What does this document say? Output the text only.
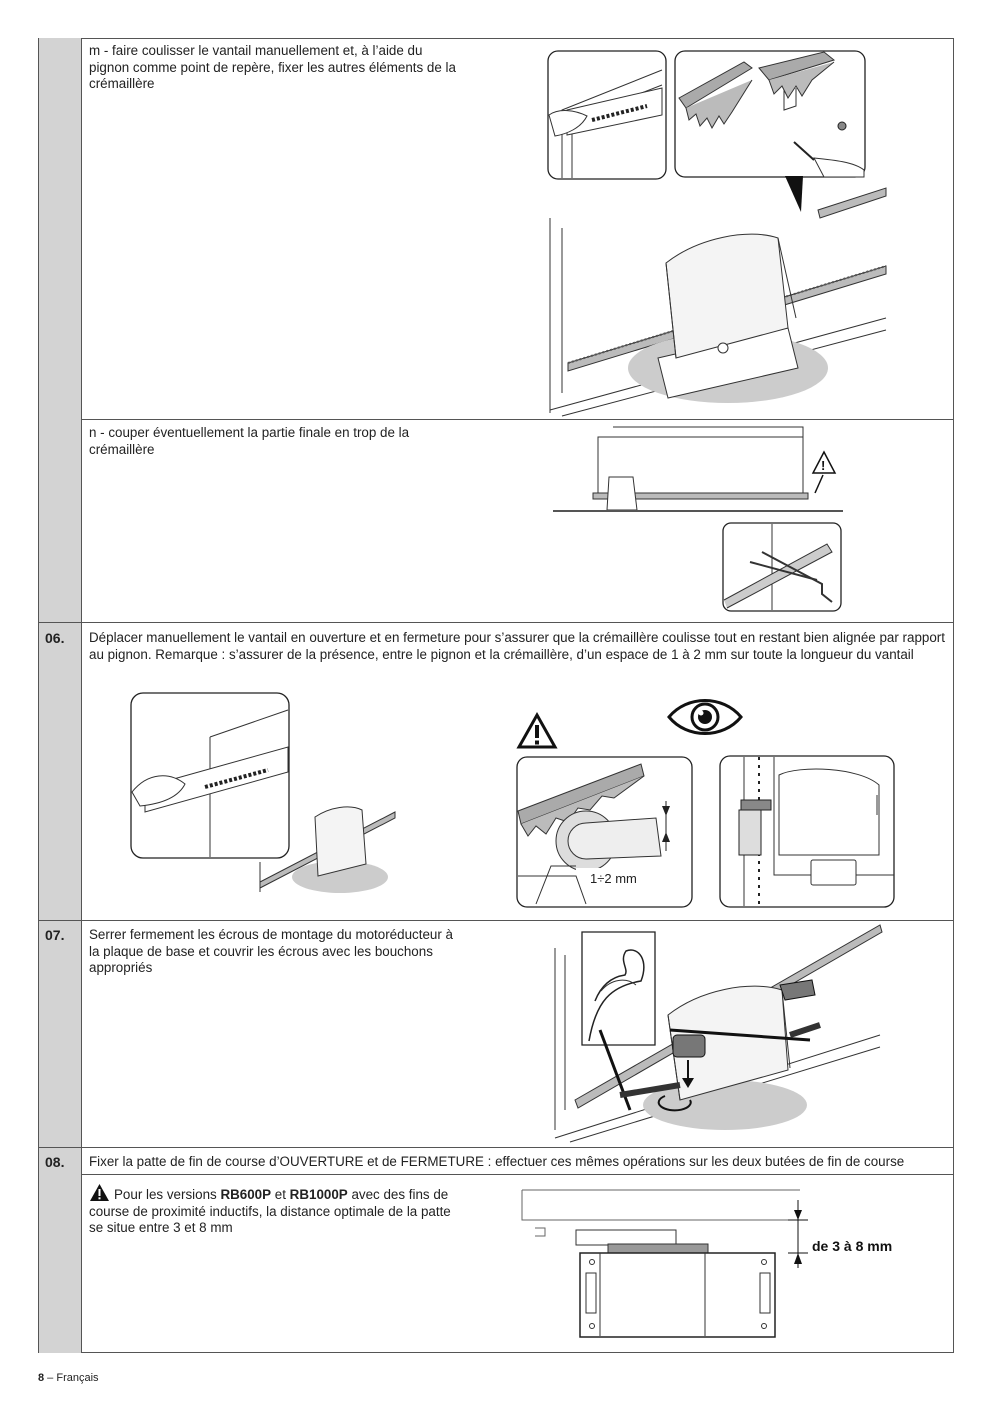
m - faire coulisser le vantail manuellement et, à l’aide du pignon comme point de repère, fixer les autres éléments de la crémaillère
n - couper éventuellement la partie finale en trop de la crémaillère
!
06. Déplacer manuellement le vantail en ouverture et en fermeture pour s’assurer que la crémaillère coulisse tout en restant bien alignée par rapport au pignon. Remarque : s’assurer de la présence, entre le pignon et la crémaillère, d’un espace de 1 à 2 mm sur toute la longueur du vantail
1÷2 mm
07. Serrer fermement les écrous de montage du motoréducteur à la plaque de base et couvrir les écrous avec les bouchons appropriés
08. Fixer la patte de fin de course d’OUVERTURE et de FERMETURE : effectuer ces mêmes opérations sur les deux butées de fin de course
Pour les versions RB600P et RB1000P avec des fins de course de proximité inductifs, la distance optimale de la patte se situe entre 3 et 8 mm
de 3 à 8 mm
8 – Français
